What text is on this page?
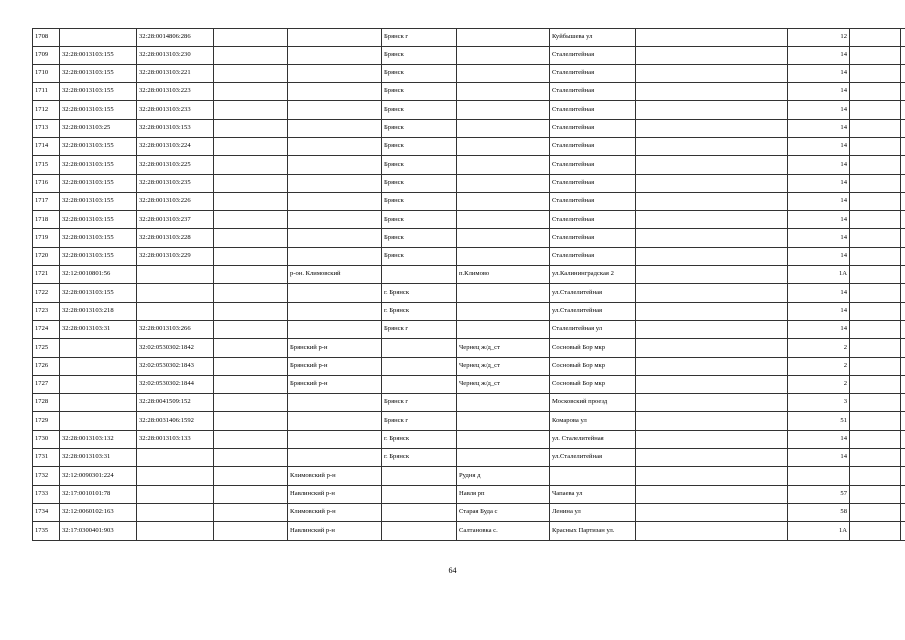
1708		32:28:0014806:286			Брянск г		Куйбышева ул		12			
1709	32:28:0013103:155	32:28:0013103:230			Брянск		Сталелитейная		14			
1710	32:28:0013103:155	32:28:0013103:221			Брянск		Сталелитейная		14			
1711	32:28:0013103:155	32:28:0013103:223			Брянск		Сталелитейная		14			
1712	32:28:0013103:155	32:28:0013103:233			Брянск		Сталелитейная		14			
1713	32:28:0013103:25	32:28:0013103:153			Брянск		Сталелитейная		14			
1714	32:28:0013103:155	32:28:0013103:224			Брянск		Сталелитейная		14			
1715	32:28:0013103:155	32:28:0013103:225			Брянск		Сталелитейная		14			
1716	32:28:0013103:155	32:28:0013103:235			Брянск		Сталелитейная		14			
1717	32:28:0013103:155	32:28:0013103:226			Брянск		Сталелитейная		14			
1718	32:28:0013103:155	32:28:0013103:237			Брянск		Сталелитейная		14			
1719	32:28:0013103:155	32:28:0013103:228			Брянск		Сталелитейная		14			
1720	32:28:0013103:155	32:28:0013103:229			Брянск		Сталелитейная		14			
1721	32:12:0010801:56			р-он. Климовский		п.Климово	ул.Калининградская 2		1А			
1722	32:28:0013103:155				г. Брянск		ул.Сталелитейная		14			
1723	32:28:0013103:218				г. Брянск		ул.Сталелитейная		14			
1724	32:28:0013103:31	32:28:0013103:266			Брянск г		Сталелитейная ул		14			
1725		32:02:0530302:1842		Брянский р-н		Чернец ж/д_ст	Сосновый Бор мкр		2			
1726		32:02:0530302:1843		Брянский р-н		Чернец ж/д_ст	Сосновый Бор мкр		2			
1727		32:02:0530302:1844		Брянский р-н		Чернец ж/д_ст	Сосновый Бор мкр		2			
1728		32:28:0041509:152			Брянск г		Московский проезд		3			
1729		32:28:0031406:1592			Брянск г		Комарова ул		51			
1730	32:28:0013103:132	32:28:0013103:133			г. Брянск		ул. Сталелитейная		14			
1731	32:28:0013103:31				г. Брянск		ул.Сталелитейная		14			
1732	32:12:0090301:224			Климовский р-н		Рудня д						
1733	32:17:0010101:78			Навлинский р-н		Навля рп	Чапаева ул		57			
1734	32:12:0060102:163			Климовский р-н		Старая Буда с	Ленина ул		58			
1735	32:17:0300401:903			Навлинский р-н		Салтановка с.	Красных Партизан ул.		1А			
64
